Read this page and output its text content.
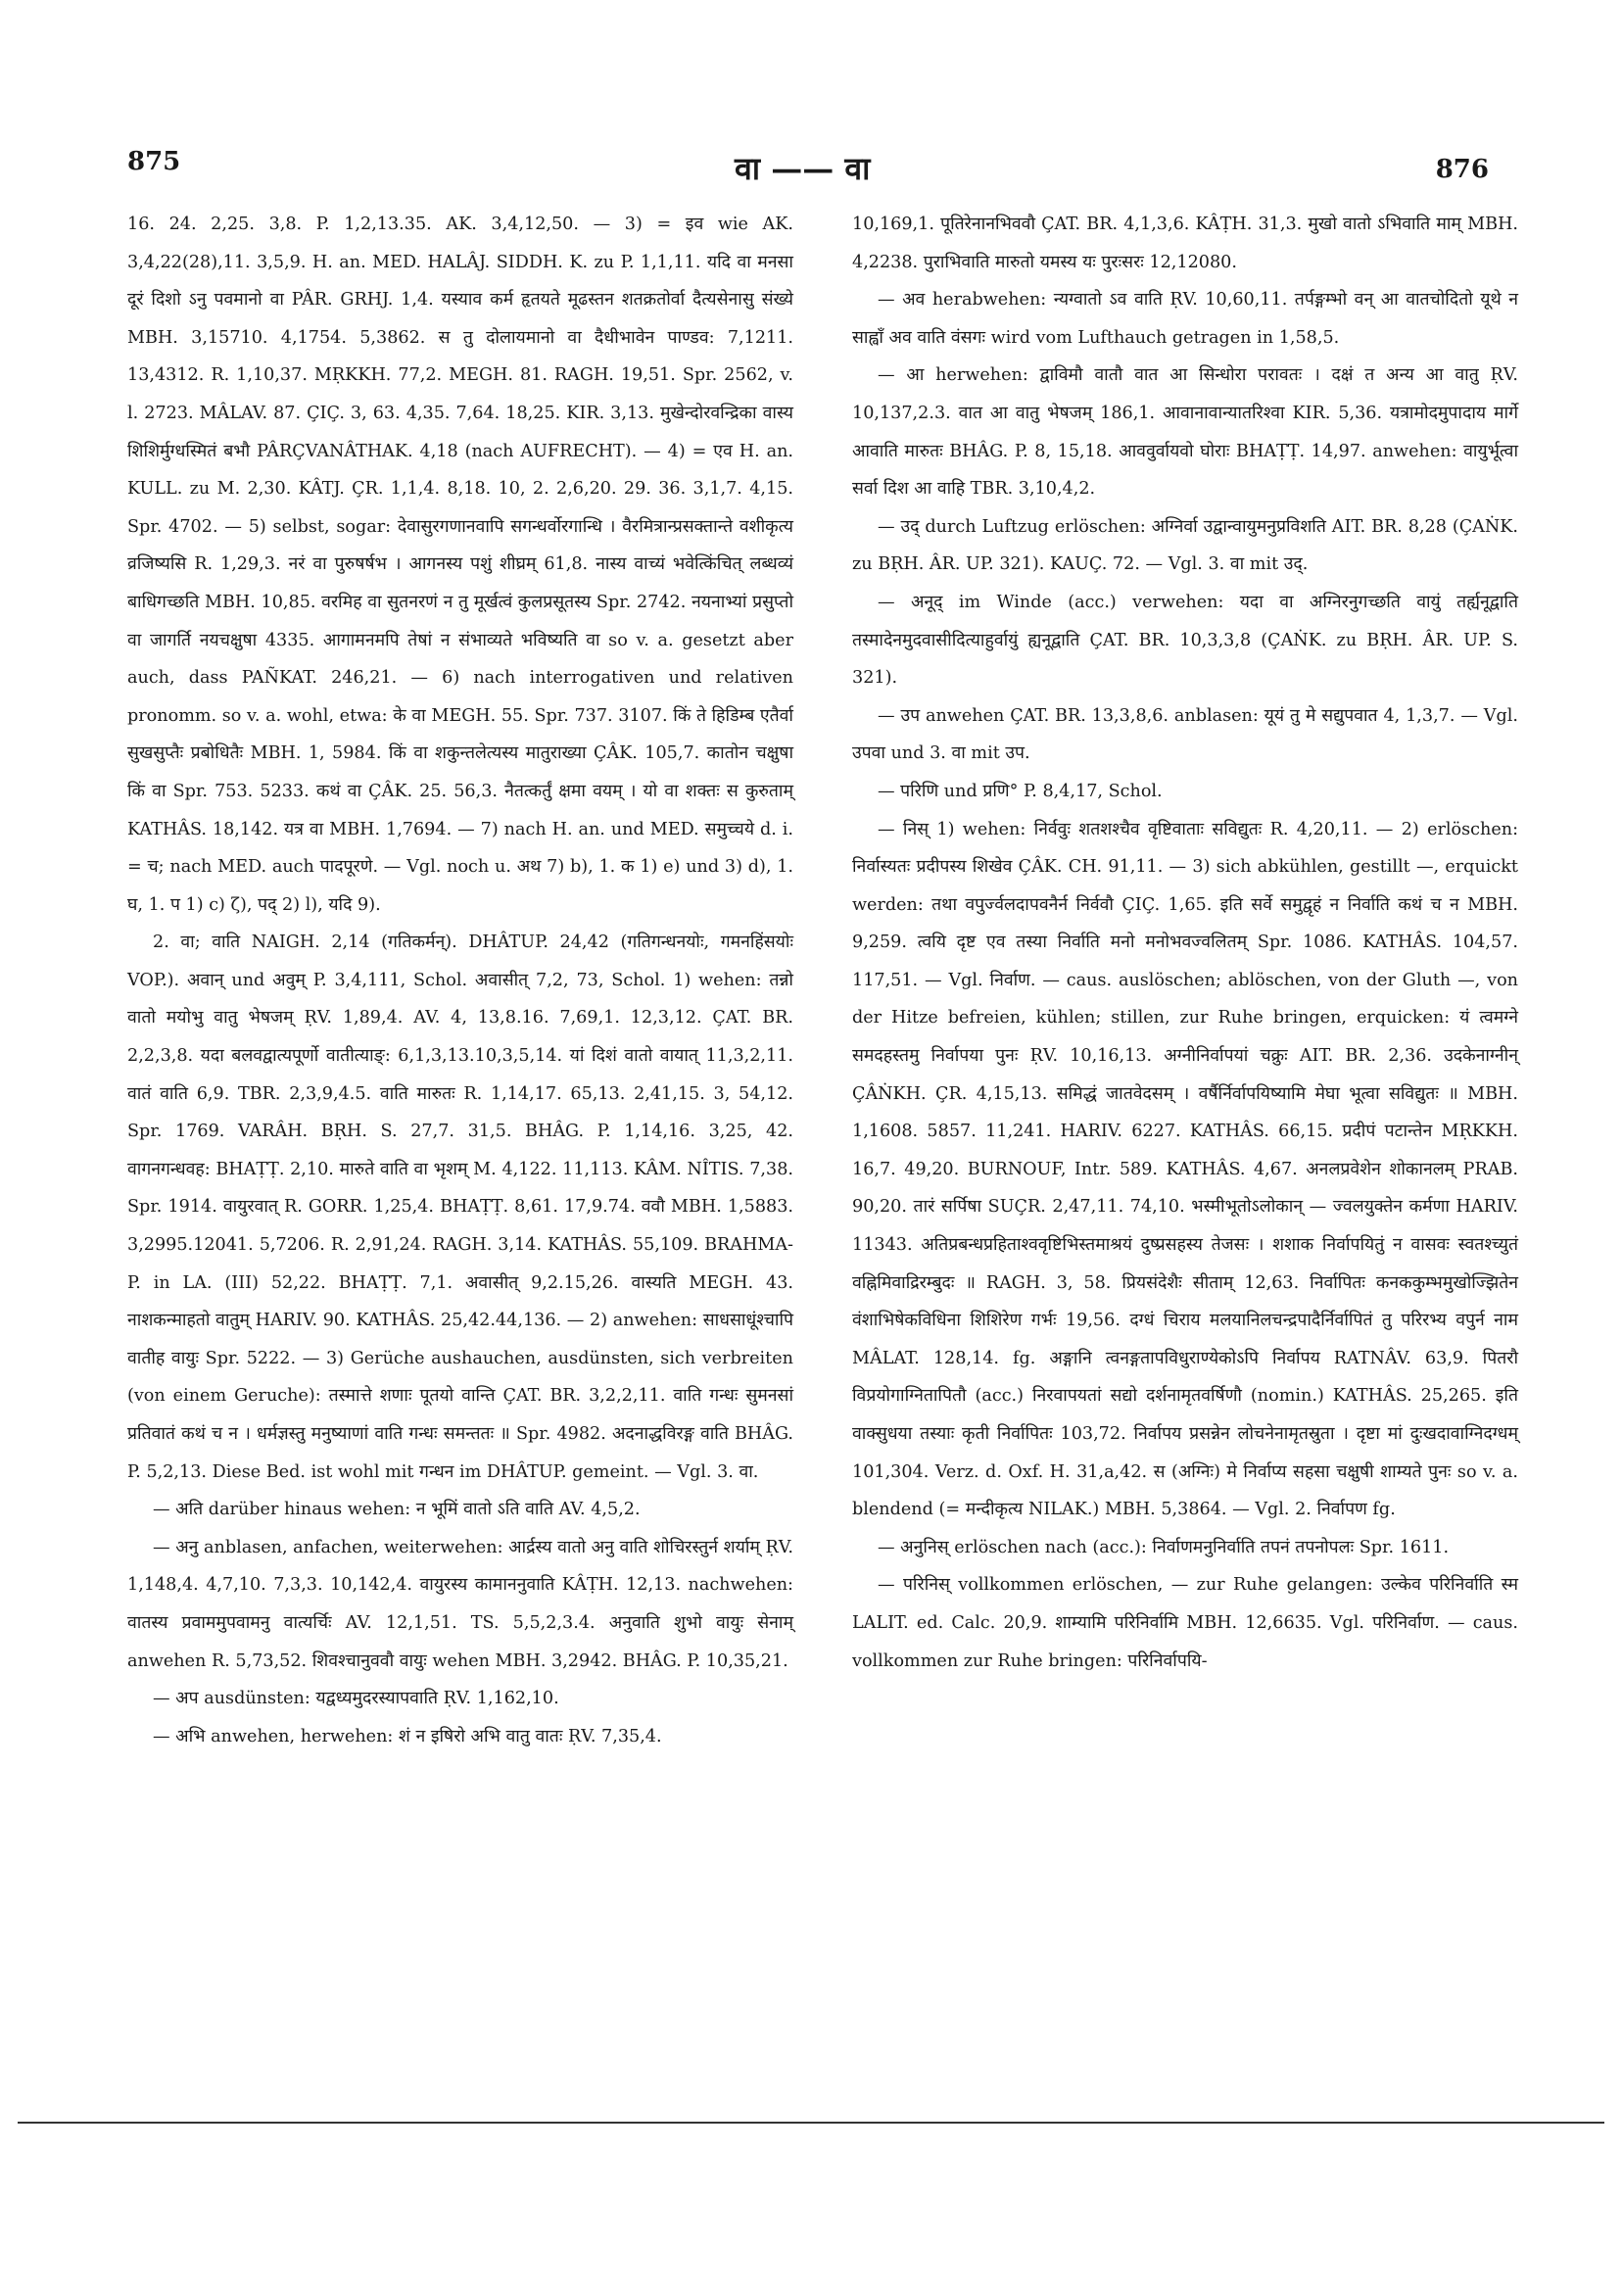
875	वा —— वा	876

16. 24. 2,25. 3,8. P. 1,2,13.35. AK. 3,4,12,50. — 3) = इव wie AK. 3,4,22(28),11. 3,5,9. H. an. MED. HALÂJ. SIDDH. K. zu P. 1,1,11. यदि वा मनसा दूरं दिशो ऽनु पवमानो वा PÂR. GRHJ. 1,4. यस्याव कर्म हृतयते मूढस्तन शतक्रतोर्वा दैत्यसेनासु संख्ये MBH. 3,15710. 4,1754. 5,3862. स तु दोलायमानो वा दैधीभावेन पाण्डव: 7,1211. 13,4312. R. 1,10,37. MṚKKH. 77,2. MEGH. 81. RAGH. 19,51. Spr. 2562, v. l. 2723. MÂLAV. 87. ÇIÇ. 3, 63. 4,35. 7,64. 18,25. KIR. 3,13. मुखेन्दोरवन्द्रिका वास्य शिशिर्मुग्धस्मितं बभौ PÂRÇVANÂTHAK. 4,18 (nach AUFRECHT). — 4) = एव H. an. KULL. zu M. 2,30. KÂTJ. ÇR. 1,1,4. 8,18. 10, 2. 2,6,20. 29. 36. 3,1,7. 4,15. Spr. 4702. — 5) selbst, sogar: देवासुरगणानवापि सगन्धर्वोरगान्धि । वैरमित्रान्प्रसक्तान्ते वशीकृत्य व्रजिष्यसि R. 1,29,3. नरं वा पुरुषर्षभ । आगनस्य पशुं शीघ्रम् 61,8. नास्य वाच्यं भवेत्किंचित् लब्धव्यं बाधिगच्छति MBH. 10,85. वरमिह वा सुतनरणं न तु मूर्खत्वं कुलप्रसूतस्य Spr. 2742. नयनाभ्यां प्रसुप्तो वा जागर्ति नयचक्षुषा 4335. आगामनमपि तेषां न संभाव्यते भविष्यति वा so v. a. gesetzt aber auch, dass PAÑKAT. 246,21. — 6) nach interrogativen und relativen pronomm. so v. a. wohl, etwa: के वा MEGH. 55. Spr. 737. 3107. किं ते हिडिम्ब एतैर्वा सुखसुप्तैः प्रबोधितैः MBH. 1, 5984. किं वा शकुन्तलेत्यस्य मातुराख्या ÇÂK. 105,7. कातोन चक्षुषा किं वा Spr. 753. 5233. कथं वा ÇÂK. 25. 56,3. नैतत्कर्तुं क्षमा वयम् । यो वा शक्तः स कुरुताम् KATHÂS. 18,142. यत्र वा MBH. 1,7694. — 7) nach H. an. und MED. समुच्चये d. i. = च; nach MED. auch पादपूरणे. — Vgl. noch u. अथ 7) b), 1. क 1) e) und 3) d), 1. घ, 1. प 1) c) ζ), पद् 2) l), यदि 9).

2. वा; वाति NAIGH. 2,14 (गतिकर्मन्). DHÂTUP. 24,42 (गतिगन्धनयोः, गमनहिंसयोः VOP.). अवान् und अवुम् P. 3,4,111, Schol. अवासीत् 7,2, 73, Schol. 1) wehen: तन्नो वातो मयोभु वातु भेषजम् ṚV. 1,89,4. AV. 4, 13,8.16. 7,69,1. 12,3,12. ÇAT. BR. 2,2,3,8. यदा बलवद्वात्यपूर्णो वातीत्याङ्: 6,1,3,13.10,3,5,14. यां दिशं वातो वायात् 11,3,2,11. वातं वाति 6,9. TBR. 2,3,9,4.5. वाति मारुतः R. 1,14,17. 65,13. 2,41,15. 3, 54,12. Spr. 1769. VARÂH. BṚH. S. 27,7. 31,5. BHÂG. P. 1,14,16. 3,25, 42. वागनगन्धवह: BHAṬṬ. 2,10. मारुते वाति वा भृशम् M. 4,122. 11,113. KÂM. NÎTIS. 7,38. Spr. 1914. वायुरवात् R. GORR. 1,25,4. BHAṬṬ. 8,61. 17,9.74. ववौ MBH. 1,5883. 3,2995.12041. 5,7206. R. 2,91,24. RAGH. 3,14. KATHÂS. 55,109. BRAHMA-P. in LA. (III) 52,22. BHAṬṬ. 7,1. अवासीत् 9,2.15,26. वास्यति MEGH. 43. नाशकन्माहतो वातुम् HARIV. 90. KATHÂS. 25,42.44,136. — 2) anwehen: साधसाधूंश्चापि वातीह वायुः Spr. 5222. — 3) Gerüche aushauchen, ausdünsten, sich verbreiten (von einem Geruche): तस्मात्ते शणाः पूतयो वान्ति ÇAT. BR. 3,2,2,11. वाति गन्धः सुमनसां प्रतिवातं कथं च न । धर्मज्ञस्तु मनुष्याणां वाति गन्धः समन्ततः ॥ Spr. 4982. अदनाद्धविरङ्ग वाति BHÂG. P. 5,2,13. Diese Bed. ist wohl mit गन्धन im DHÂTUP. gemeint. — Vgl. 3. वा.

— अति darüber hinaus wehen: न भूमिं वातो ऽति वाति AV. 4,5,2.

— अनु anblasen, anfachen, weiterwehen: आर्द्रस्य वातो अनु वाति शोचिरस्तुर्न शर्याम् ṚV. 1,148,4. 4,7,10. 7,3,3. 10,142,4. वायुरस्य कामाननुवाति KÂṬH. 12,13. nachwehen: वातस्य प्रवाममुपवामनु वात्यर्चिः AV. 12,1,51. TS. 5,5,2,3.4. अनुवाति शुभो वायुः सेनाम् anwehen R. 5,73,52. शिवश्चानुववौ वायुः wehen MBH. 3,2942. BHÂG. P. 10,35,21.

— अप ausdünsten: यद्वध्यमुदरस्यापवाति ṚV. 1,162,10.

— अभि anwehen, herwehen: शं न इषिरो अभि वातु वातः ṚV. 7,35,4.

10,169,1. पूतिरेनानभिववौ ÇAT. BR. 4,1,3,6. KÂṬH. 31,3. मुखो वातो ऽभिवाति माम् MBH. 4,2238. पुराभिवाति मारुतो यमस्य यः पुरःसरः 12,12080.

— अव herabwehen: न्यग्वातो ऽव वाति ṚV. 10,60,11. तर्पङ्गम्भो वन् आ वातचोदितो यूथे न साह्वाँ अव वाति वंसगः wird vom Lufthauch getragen in 1,58,5.

— आ herwehen: द्वाविमौ वातौ वात आ सिन्धोरा परावतः । दक्षं त अन्य आ वातु ṚV. 10,137,2.3. वात आ वातु भेषजम् 186,1. आवानावान्यातरिश्वा KIR. 5,36. यत्रामोदमुपादाय मार्गे आवाति मारुतः BHÂG. P. 8, 15,18. आववुर्वायवो घोराः BHAṬṬ. 14,97. anwehen: वायुर्भूत्वा सर्वा दिश आ वाहि TBR. 3,10,4,2.

— उद् durch Luftzug erlöschen: अग्निर्वा उद्वान्वायुमनुप्रविशति AIT. BR. 8,28 (ÇAṄK. zu BṚH. ÂR. UP. 321). KAUÇ. 72. — Vgl. 3. वा mit उद्.

— अनूद् im Winde (acc.) verwehen: यदा वा अग्निरनुगच्छति वायुं तर्ह्यनूद्वाति तस्मादेनमुदवासीदित्याहुर्वायुं ह्यनूद्वाति ÇAT. BR. 10,3,3,8 (ÇAṄK. zu BṚH. ÂR. UP. S. 321).

— उप anwehen ÇAT. BR. 13,3,8,6. anblasen: यूयं तु मे सद्युपवात 4, 1,3,7. — Vgl. उपवा und 3. वा mit उप.

— परिणि und प्रणि° P. 8,4,17, Schol.

— निस् 1) wehen: निर्ववुः शतशश्चैव वृष्टिवाताः सविद्युतः R. 4,20,11. — 2) erlöschen: निर्वास्यतः प्रदीपस्य शिखेव ÇÂK. CH. 91,11. — 3) sich abkühlen, gestillt —, erquickt werden: तथा वपुर्ज्वलदापवनैर्न निर्ववौ ÇIÇ. 1,65. इति सर्वे समुद्वृहं न निर्वाति कथं च न MBH. 9,259. त्वयि दृष्ट एव तस्या निर्वाति मनो मनोभवज्वलितम् Spr. 1086. KATHÂS. 104,57. 117,51. — Vgl. निर्वाण. — caus. auslöschen; ablöschen, von der Gluth —, von der Hitze befreien, kühlen; stillen, zur Ruhe bringen, erquicken: यं त्वमग्ने समदहस्तमु निर्वापया पुनः ṚV. 10,16,13. अग्नीनिर्वापयां चक्रुः AIT. BR. 2,36. उदकेनाग्नीन् ÇÂṄKH. ÇR. 4,15,13. समिद्धं जातवेदसम् । वर्षैर्निर्वापयिष्यामि मेघा भूत्वा सविद्युतः ॥ MBH. 1,1608. 5857. 11,241. HARIV. 6227. KATHÂS. 66,15. प्रदीपं पटान्तेन MṚKKH. 16,7. 49,20. BURNOUF, Intr. 589. KATHÂS. 4,67. अनलप्रवेशेन शोकानलम् PRAB. 90,20. तारं सर्पिषा SUÇR. 2,47,11. 74,10. भस्मीभूतोऽलोकान् — ज्वलयुक्तेन कर्मणा HARIV. 11343. अतिप्रबन्धप्रहिताश्ववृष्टिभिस्तमाश्रयं दुष्प्रसहस्य तेजसः । शशाक निर्वापयितुं न वासवः स्वतश्च्युतं वह्निमिवाद्रिरम्बुदः ॥ RAGH. 3, 58. प्रियसंदेशैः सीताम् 12,63. निर्वापितः कनककुम्भमुखोज्झितेन वंशाभिषेकविधिना शिशिरेण गर्भः 19,56. दग्धं चिराय मलयानिलचन्द्रपादैर्निर्वापितं तु परिरभ्य वपुर्न नाम MÂLAT. 128,14. fg. अङ्गानि त्वनङ्गतापविधुराण्येकोऽपि निर्वापय RATNÂV. 63,9. पितरौ विप्रयोगाग्नितापितौ (acc.) निरवापयतां सद्यो दर्शनामृतवर्षिणौ (nomin.) KATHÂS. 25,265. इति वाक्सुधया तस्याः कृती निर्वापितः 103,72. निर्वापय प्रसन्नेन लोचनेनामृतस्रुता । दृष्टा मां दुःखदावाग्निदग्धम् 101,304. Verz. d. Oxf. H. 31,a,42. स (अग्निः) मे निर्वाप्य सहसा चक्षुषी शाम्यते पुनः so v. a. blendend (= मन्दीकृत्य NILAK.) MBH. 5,3864. — Vgl. 2. निर्वापण fg.

— अनुनिस् erlöschen nach (acc.): निर्वाणमनुनिर्वाति तपनं तपनोपलः Spr. 1611.

— परिनिस् vollkommen erlöschen, — zur Ruhe gelangen: उल्केव परिनिर्वाति स्म LALIT. ed. Calc. 20,9. शाम्यामि परिनिर्वामि MBH. 12,6635. Vgl. परिनिर्वाण. — caus. vollkommen zur Ruhe bringen: परिनिर्वापयि-
